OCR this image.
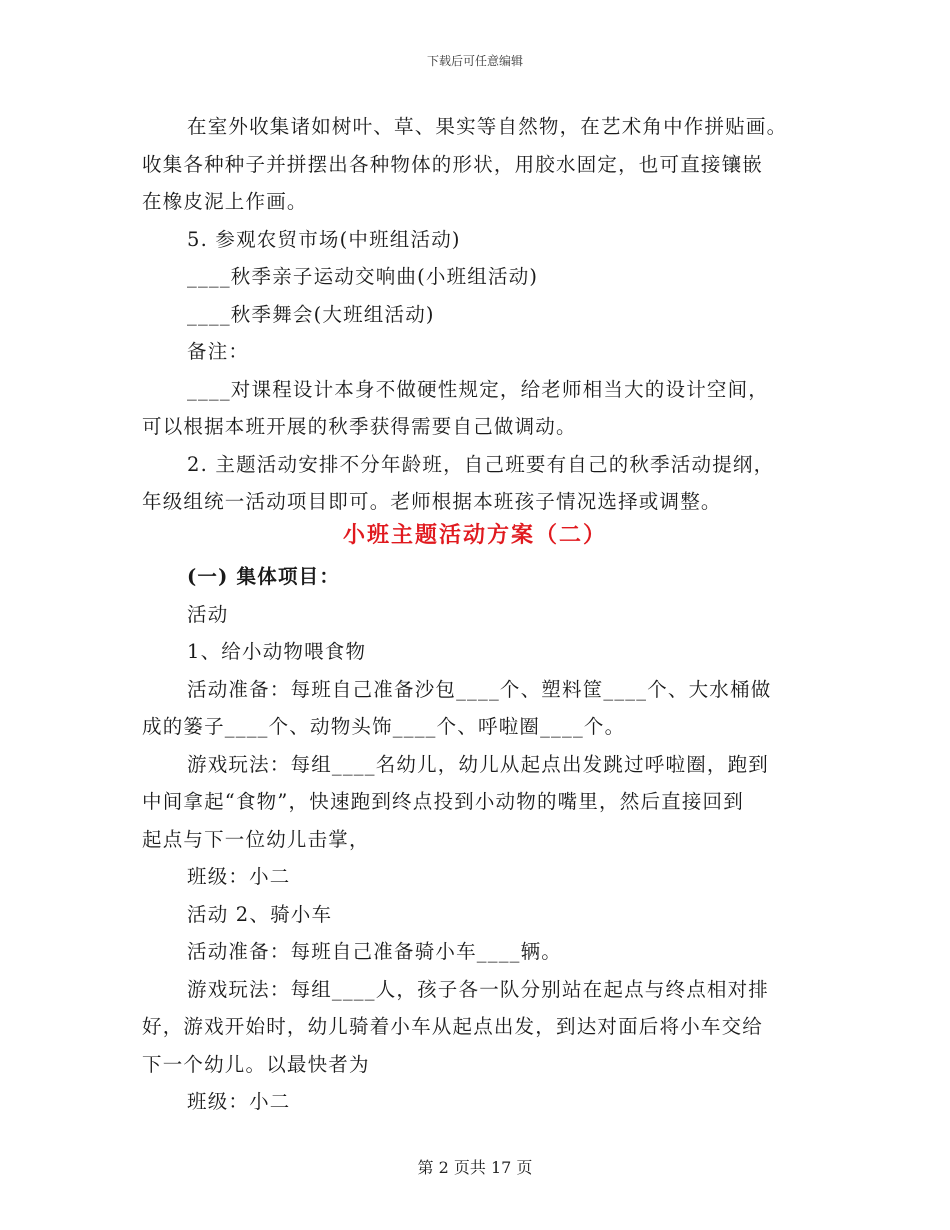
下载后可任意编辑

在室外收集诸如树叶、草、果实等自然物，在艺术角中作拼贴画。

收集各种种子并拼摆出各种物体的形状，用胶水固定，也可直接镶嵌

在橡皮泥上作画。

5. 参观农贸市场(中班组活动)

____秋季亲子运动交响曲(小班组活动)

____秋季舞会(大班组活动)

备注：

____对课程设计本身不做硬性规定，给老师相当大的设计空间，

可以根据本班开展的秋季获得需要自己做调动。

2. 主题活动安排不分年龄班，自己班要有自己的秋季活动提纲，

年级组统一活动项目即可。老师根据本班孩子情况选择或调整。

小班主题活动方案（二）

(一) 集体项目：

活动

1、给小动物喂食物

活动准备：每班自己准备沙包____个、塑料筐____个、大水桶做

成的篓子____个、动物头饰____个、呼啦圈____个。

游戏玩法：每组____名幼儿，幼儿从起点出发跳过呼啦圈，跑到

中间拿起“食物”，快速跑到终点投到小动物的嘴里，然后直接回到

起点与下一位幼儿击掌，

班级：小二

活动 2、骑小车

活动准备：每班自己准备骑小车____辆。

游戏玩法：每组____人，孩子各一队分别站在起点与终点相对排

好，游戏开始时，幼儿骑着小车从起点出发，到达对面后将小车交给

下一个幼儿。以最快者为

班级：小二

第 2 页共 17 页
